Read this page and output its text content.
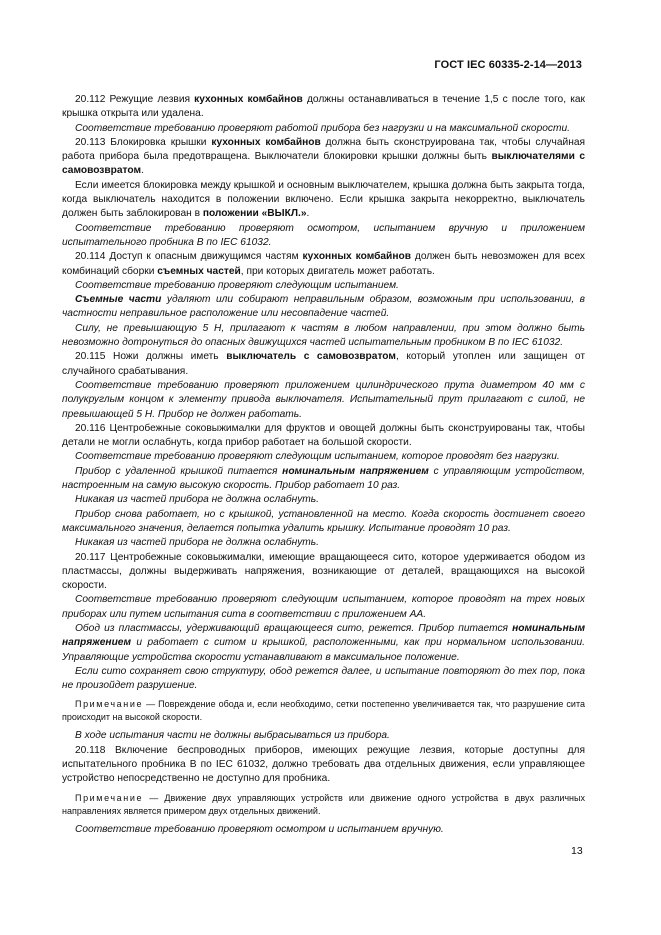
ГОСТ IEC 60335-2-14—2013

20.112 Режущие лезвия кухонных комбайнов должны останавливаться в течение 1,5 с после того, как крышка открыта или удалена.

Соответствие требованию проверяют работой прибора без нагрузки и на максимальной скорости.

20.113 Блокировка крышки кухонных комбайнов должна быть сконструирована так, чтобы случайная работа прибора была предотвращена. Выключатели блокировки крышки должны быть выключателями с самовозвратом.

Если имеется блокировка между крышкой и основным выключателем, крышка должна быть закрыта тогда, когда выключатель находится в положении включено. Если крышка закрыта некорректно, выключатель должен быть заблокирован в положении «ВЫКЛ.».

Соответствие требованию проверяют осмотром, испытанием вручную и приложением испытательного пробника В по IEC 61032.

20.114 Доступ к опасным движущимся частям кухонных комбайнов должен быть невозможен для всех комбинаций сборки съемных частей, при которых двигатель может работать.

Соответствие требованию проверяют следующим испытанием.

Съемные части удаляют или собирают неправильным образом, возможным при использовании, в частности неправильное расположение или несовпадение частей.

Силу, не превышающую 5 Н, прилагают к частям в любом направлении, при этом должно быть невозможно дотронуться до опасных движущихся частей испытательным пробником В по IEC 61032.

20.115 Ножи должны иметь выключатель с самовозвратом, который утоплен или защищен от случайного срабатывания.

Соответствие требованию проверяют приложением цилиндрического прута диаметром 40 мм с полукруглым концом к элементу привода выключателя. Испытательный прут прилагают с силой, не превышающей 5 Н. Прибор не должен работать.

20.116 Центробежные соковыжималки для фруктов и овощей должны быть сконструированы так, чтобы детали не могли ослабнуть, когда прибор работает на большой скорости.

Соответствие требованию проверяют следующим испытанием, которое проводят без нагрузки.

Прибор с удаленной крышкой питается номинальным напряжением с управляющим устройством, настроенным на самую высокую скорость. Прибор работает 10 раз.

Никакая из частей прибора не должна ослабнуть.

Прибор снова работает, но с крышкой, установленной на место. Когда скорость достигнет своего максимального значения, делается попытка удалить крышку. Испытание проводят 10 раз.

Никакая из частей прибора не должна ослабнуть.

20.117 Центробежные соковыжималки, имеющие вращающееся сито, которое удерживается ободом из пластмассы, должны выдерживать напряжения, возникающие от деталей, вращающихся на высокой скорости.

Соответствие требованию проверяют следующим испытанием, которое проводят на трех новых приборах или путем испытания сита в соответствии с приложением АА.

Обод из пластмассы, удерживающий вращающееся сито, режется. Прибор питается номинальным напряжением и работает с ситом и крышкой, расположенными, как при нормальном использовании. Управляющие устройства скорости устанавливают в максимальное положение.

Если сито сохраняет свою структуру, обод режется далее, и испытание повторяют до тех пор, пока не произойдет разрушение.

Примечание — Повреждение обода и, если необходимо, сетки постепенно увеличивается так, что разрушение сита происходит на высокой скорости.

В ходе испытания части не должны выбрасываться из прибора.

20.118 Включение беспроводных приборов, имеющих режущие лезвия, которые доступны для испытательного пробника В по IEC 61032, должно требовать два отдельных движения, если управляющее устройство непосредственно не доступно для пробника.

Примечание — Движение двух управляющих устройств или движение одного устройства в двух различных направлениях является примером двух отдельных движений.

Соответствие требованию проверяют осмотром и испытанием вручную.

13
